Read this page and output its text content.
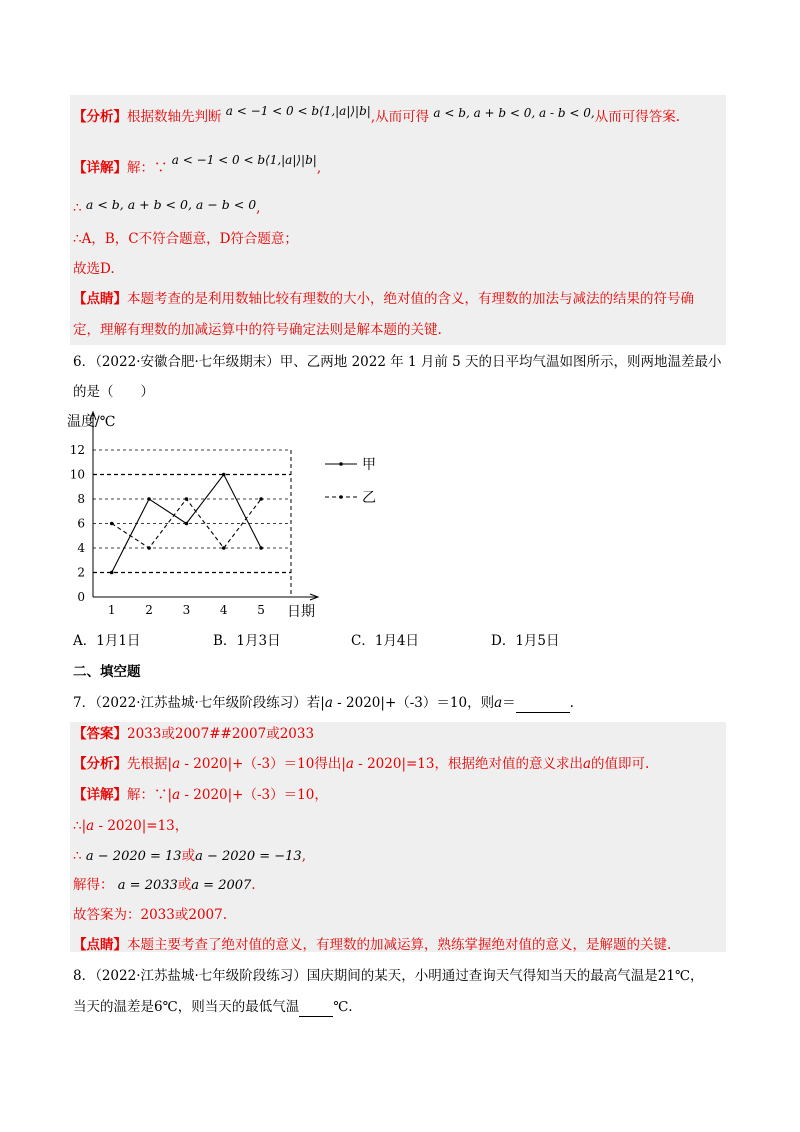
【分析】根据数轴先判断 a < −1 < 0 < b⟨1,|a|⟩|b|,从而可得 a < b, a + b < 0, a - b < 0,从而可得答案.
【详解】解：∵ a < −1 < 0 < b⟨1,|a|⟩|b|,
∴ a < b, a + b < 0, a − b < 0,
∴A，B，C不符合题意，D符合题意；
故选D.
【点睛】本题考查的是利用数轴比较有理数的大小，绝对值的含义，有理数的加法与减法的结果的符号确
定，理解有理数的加减运算中的符号确定法则是解本题的关键.
6．（2022·安徽合肥·七年级期末）甲、乙两地 2022 年 1 月前 5 天的日平均气温如图所示，则两地温差最小
的是（　　）
温度/℃
0
2
4
6
8
10
12
1 2 3 4 5
甲
乙
日期
A．1月1日	B．1月3日	C．1月4日	D．1月5日
二、填空题
7．（2022·江苏盐城·七年级阶段练习）若|a - 2020|+（-3）＝10，则a＝	.
【答案】2033或2007##2007或2033
【分析】先根据|a - 2020|+（-3）＝10得出|a - 2020|=13，根据绝对值的意义求出a的值即可.
【详解】解：∵|a - 2020|+（-3）＝10，
∴|a - 2020|=13，
∴ a − 2020 = 13或a − 2020 = −13,
解得： a = 2033或a = 2007.
故答案为：2033或2007.
【点睛】本题主要考查了绝对值的意义，有理数的加减运算，熟练掌握绝对值的意义，是解题的关键.
8．（2022·江苏盐城·七年级阶段练习）国庆期间的某天，小明通过查询天气得知当天的最高气温是21℃，
当天的温差是6℃，则当天的最低气温	℃.
